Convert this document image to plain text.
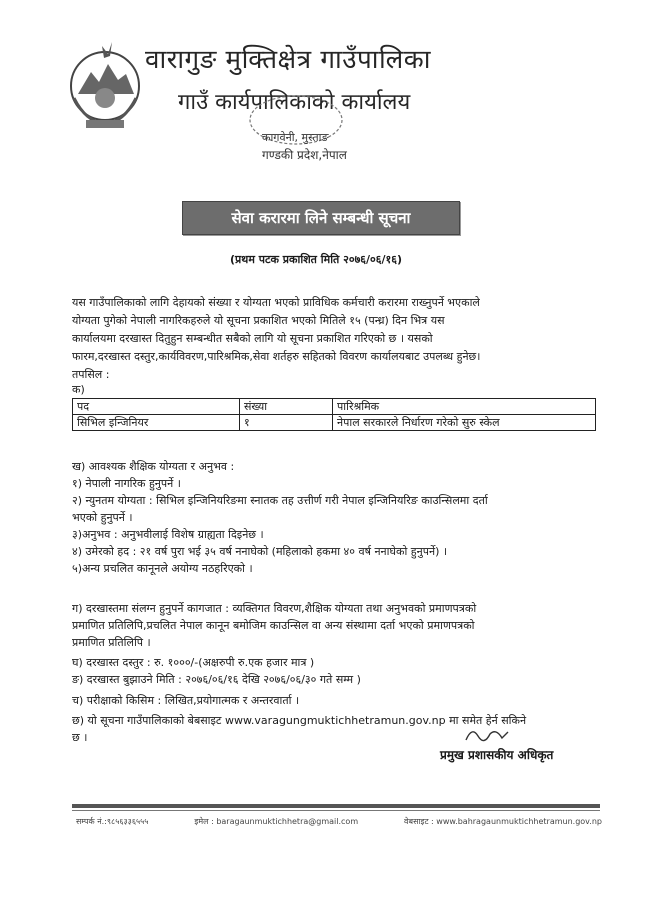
वारागुङ मुक्तिक्षेत्र गाउँपालिका
गाउँ कार्यपालिकाको कार्यालय
कागवेनी, मुस्ताङ
गण्डकी प्रदेश,नेपाल
सेवा करारमा लिने सम्बन्धी सूचना
(प्रथम पटक प्रकाशित मिति २०७६/०६/१६)
यस गाउँपालिकाको लागि देहायको संख्या र योग्यता भएको प्राविधिक कर्मचारी करारमा राख्नुपर्ने भएकाले
योग्यता पुगेको नेपाली नागरिकहरुले यो सूचना प्रकाशित भएको मितिले १५ (पन्ध्र) दिन भित्र यस
कार्यालयमा दरखास्त दितुहुन सम्बन्धीत सबैको लागि यो सूचना प्रकाशित गरिएको छ । यसको
फारम,दरखास्त दस्तुर,कार्यविवरण,पारिश्रमिक,सेवा शर्तहरु सहितको विवरण कार्यालयबाट उपलब्ध हुनेछ।
तपसिल :
क)
पद	संख्या	पारिश्रमिक
सिभिल इन्जिनियर	१	नेपाल सरकारले निर्धारण गरेको सुरु स्केल
ख) आवश्यक शैक्षिक योग्यता र अनुभव :
१) नेपाली नागरिक हुनुपर्ने ।
२) न्युनतम योग्यता : सिभिल इन्जिनियरिङमा स्नातक तह उत्तीर्ण गरी नेपाल इन्जिनियरिङ काउन्सिलमा दर्ता
भएको हुनुपर्ने ।
३)अनुभव : अनुभवीलाई विशेष ग्राह्यता दिइनेछ ।
४) उमेरको हद : २१ वर्ष पुरा भई ३५ वर्ष ननाघेको (महिलाको हकमा ४० वर्ष ननाघेको हुनुपर्ने) ।
५)अन्य प्रचलित कानूनले अयोग्य नठहरिएको ।
ग) दरखास्तमा संलग्न हुनुपर्ने कागजात : व्यक्तिगत विवरण,शैक्षिक योग्यता तथा अनुभवको प्रमाणपत्रको
प्रमाणित प्रतिलिपि,प्रचलित नेपाल कानून बमोजिम काउन्सिल वा अन्य संस्थामा दर्ता भएको प्रमाणपत्रको
प्रमाणित प्रतिलिपि ।
घ) दरखास्त दस्तुर : रु. १०००/-(अक्षरुपी रु.एक हजार मात्र )
ङ) दरखास्त बुझाउने मिति : २०७६/०६/१६ देखि २०७६/०६/३० गते सम्म )
च) परीक्षाको किसिम : लिखित,प्रयोगात्मक र अन्तरवार्ता ।
छ) यो सूचना गाउँपालिकाको बेबसाइट www.varagungmuktichhetramun.gov.np मा समेत हेर्न सकिने
छ ।
प्रमुख प्रशासकीय अधिकृत
सम्पर्क नं.:९८५६३३६५५५	इमेल : baragaunmuktichhetra@gmail.com	वेबसाइट : www.bahragaunmuktichhetramun.gov.np
